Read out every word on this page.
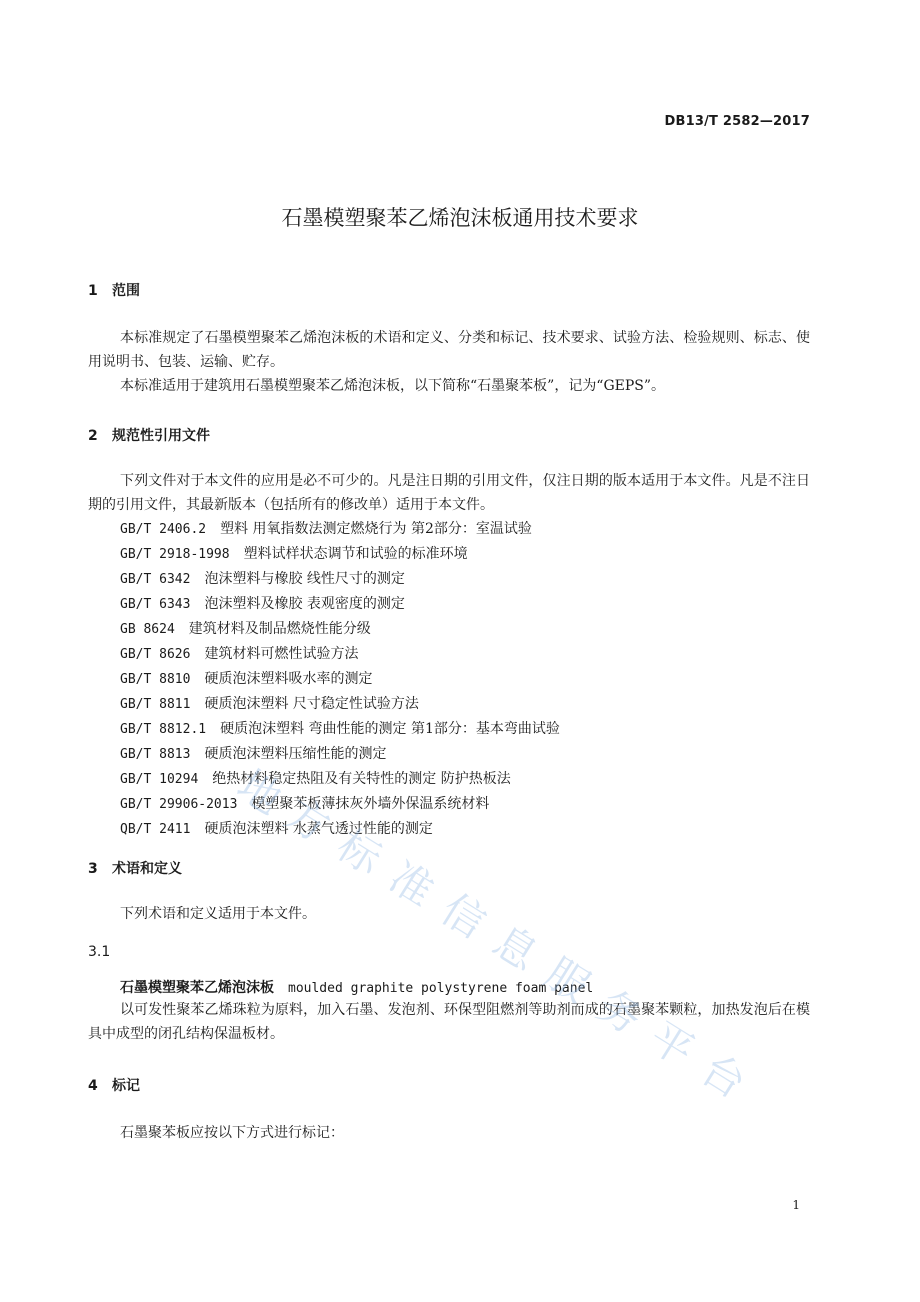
DB13/T 2582—2017
石墨模塑聚苯乙烯泡沫板通用技术要求
1 范围

本标准规定了石墨模塑聚苯乙烯泡沫板的术语和定义、分类和标记、技术要求、试验方法、检验规则、标志、使用说明书、包装、运输、贮存。

本标准适用于建筑用石墨模塑聚苯乙烯泡沫板，以下简称“石墨聚苯板”，记为“GEPS”。

2 规范性引用文件

下列文件对于本文件的应用是必不可少的。凡是注日期的引用文件，仅注日期的版本适用于本文件。凡是不注日期的引用文件，其最新版本（包括所有的修改单）适用于本文件。

GB/T 2406.2 塑料 用氧指数法测定燃烧行为 第2部分：室温试验
GB/T 2918-1998 塑料试样状态调节和试验的标准环境
GB/T 6342 泡沫塑料与橡胶 线性尺寸的测定
GB/T 6343 泡沫塑料及橡胶 表观密度的测定
GB 8624 建筑材料及制品燃烧性能分级
GB/T 8626 建筑材料可燃性试验方法
GB/T 8810 硬质泡沫塑料吸水率的测定
GB/T 8811 硬质泡沫塑料 尺寸稳定性试验方法
GB/T 8812.1 硬质泡沫塑料 弯曲性能的测定 第1部分：基本弯曲试验
GB/T 8813 硬质泡沫塑料压缩性能的测定
GB/T 10294 绝热材料稳定热阻及有关特性的测定 防护热板法
GB/T 29906-2013 模塑聚苯板薄抹灰外墙外保温系统材料
QB/T 2411 硬质泡沫塑料 水蒸气透过性能的测定
3 术语和定义

下列术语和定义适用于本文件。

3.1
石墨模塑聚苯乙烯泡沫板 moulded graphite polystyrene foam panel

以可发性聚苯乙烯珠粒为原料，加入石墨、发泡剂、环保型阻燃剂等助剂而成的石墨聚苯颗粒，加热发泡后在模具中成型的闭孔结构保温板材。

4 标记

石墨聚苯板应按以下方式进行标记：

1
地
方
标
准
信
息
服
务
平
台
